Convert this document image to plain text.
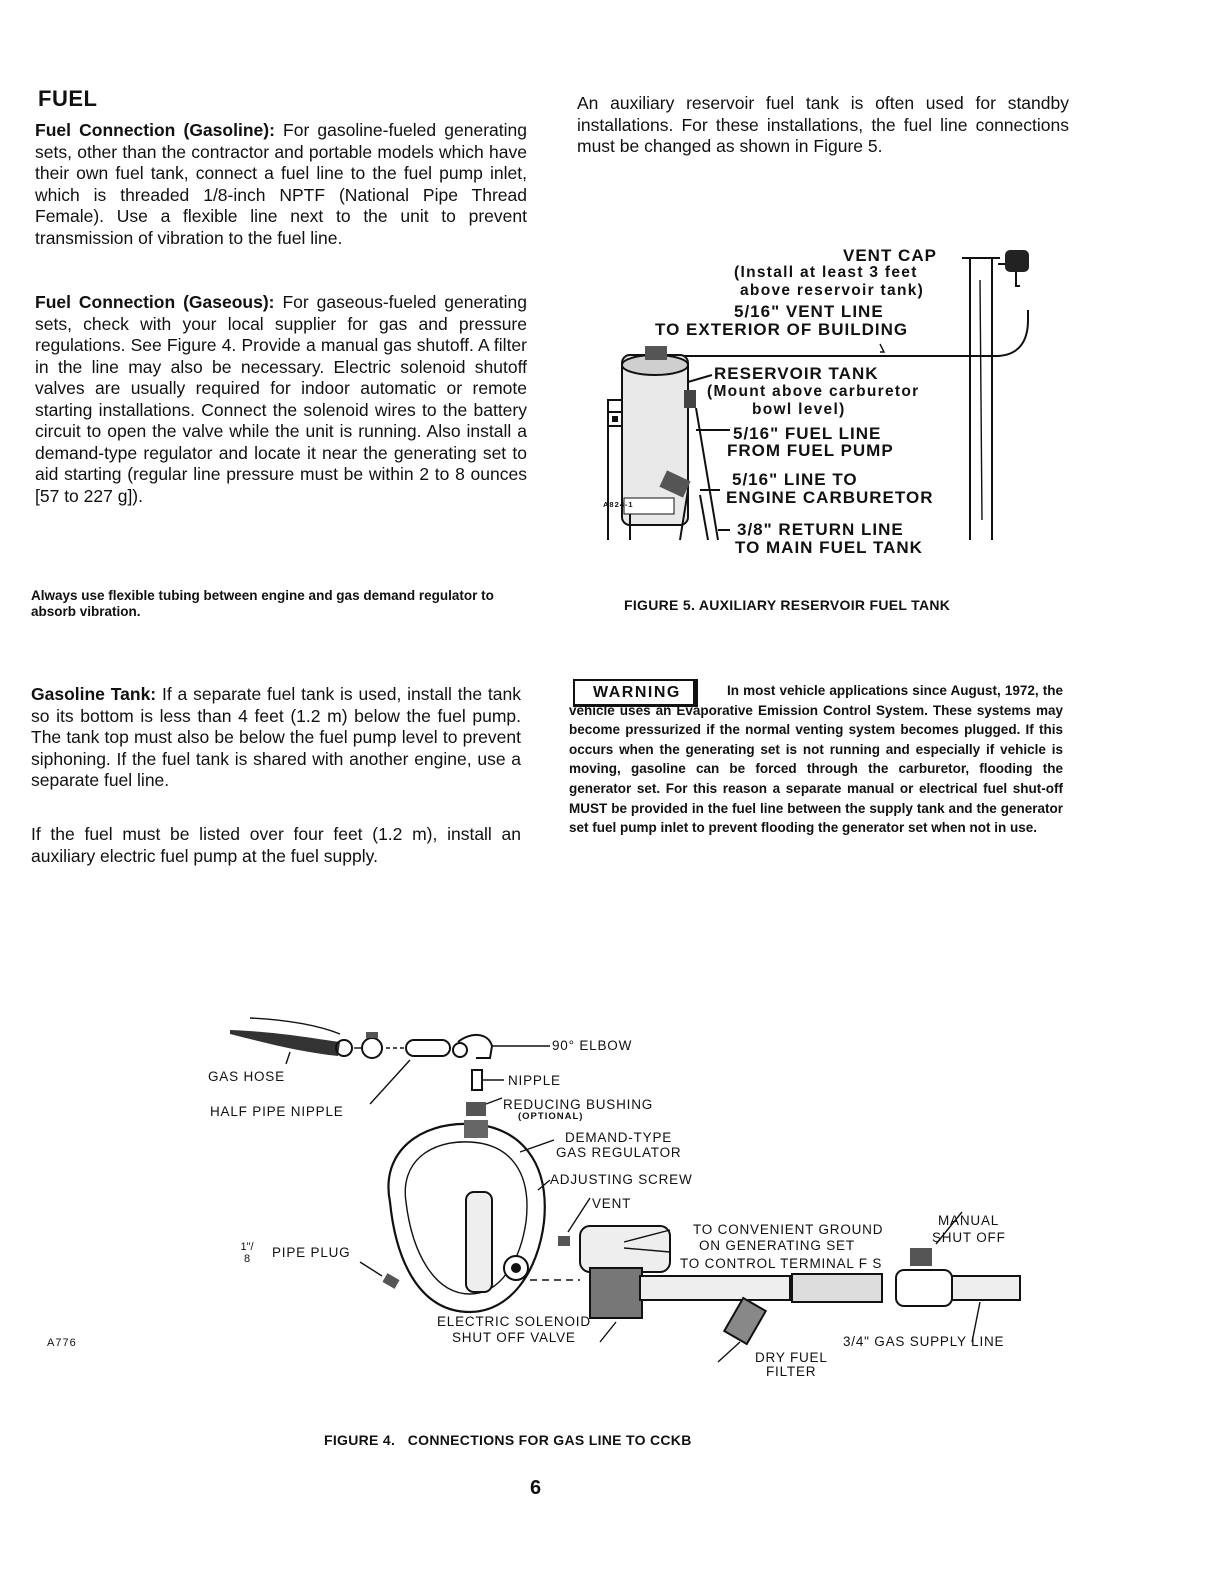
FUEL
Fuel Connection (Gasoline): For gasoline-fueled generating sets, other than the contractor and portable models which have their own fuel tank, connect a fuel line to the fuel pump inlet, which is threaded 1/8-inch NPTF (National Pipe Thread Female). Use a flexible line next to the unit to prevent transmission of vibration to the fuel line.
Fuel Connection (Gaseous): For gaseous-fueled generating sets, check with your local supplier for gas and pressure regulations. See Figure 4. Provide a manual gas shutoff. A filter in the line may also be necessary. Electric solenoid shutoff valves are usually required for indoor automatic or remote starting installations. Connect the solenoid wires to the battery circuit to open the valve while the unit is running. Also install a demand-type regulator and locate it near the generating set to aid starting (regular line pressure must be within 2 to 8 ounces [57 to 227 g]).
Always use flexible tubing between engine and gas demand regulator to absorb vibration.
Gasoline Tank: If a separate fuel tank is used, install the tank so its bottom is less than 4 feet (1.2 m) below the fuel pump. The tank top must also be below the fuel pump level to prevent siphoning. If the fuel tank is shared with another engine, use a separate fuel line.
If the fuel must be listed over four feet (1.2 m), install an auxiliary electric fuel pump at the fuel supply.
An auxiliary reservoir fuel tank is often used for standby installations. For these installations, the fuel line connections must be changed as shown in Figure 5.
A824-1
VENT CAP
(Install at least 3 feet
above reservoir tank)
5/16" VENT LINE
TO EXTERIOR OF BUILDING
RESERVOIR TANK
(Mount above carburetor
bowl level)
5/16" FUEL LINE
FROM FUEL PUMP
5/16" LINE TO
ENGINE CARBURETOR
3/8" RETURN LINE
TO MAIN FUEL TANK
FIGURE 5. AUXILIARY RESERVOIR FUEL TANK
WARNING	In most vehicle applications since August, 1972, the vehicle uses an Evaporative Emission Control System. These systems may become pressurized if the normal venting system becomes plugged. If this occurs when the generating set is not running and especially if vehicle is moving, gasoline can be forced through the carburetor, flooding the generator set. For this reason a separate manual or electrical fuel shut-off MUST be provided in the fuel line between the supply tank and the generator set fuel pump inlet to prevent flooding the generator set when not in use.
90° ELBOW
GAS HOSE	NIPPLE
HALF PIPE NIPPLE	REDUCING BUSHING
(OPTIONAL)
DEMAND-TYPE
GAS REGULATOR
ADJUSTING SCREW
VENT
TO CONVENIENT GROUND
ON GENERATING SET
TO CONTROL TERMINAL F S
MANUAL
SHUT OFF
1"/8 PIPE PLUG
ELECTRIC SOLENOID
SHUT OFF VALVE	3/4" GAS SUPPLY LINE
DRY FUEL
FILTER
A776
FIGURE 4.   CONNECTIONS FOR GAS LINE TO CCKB
6
